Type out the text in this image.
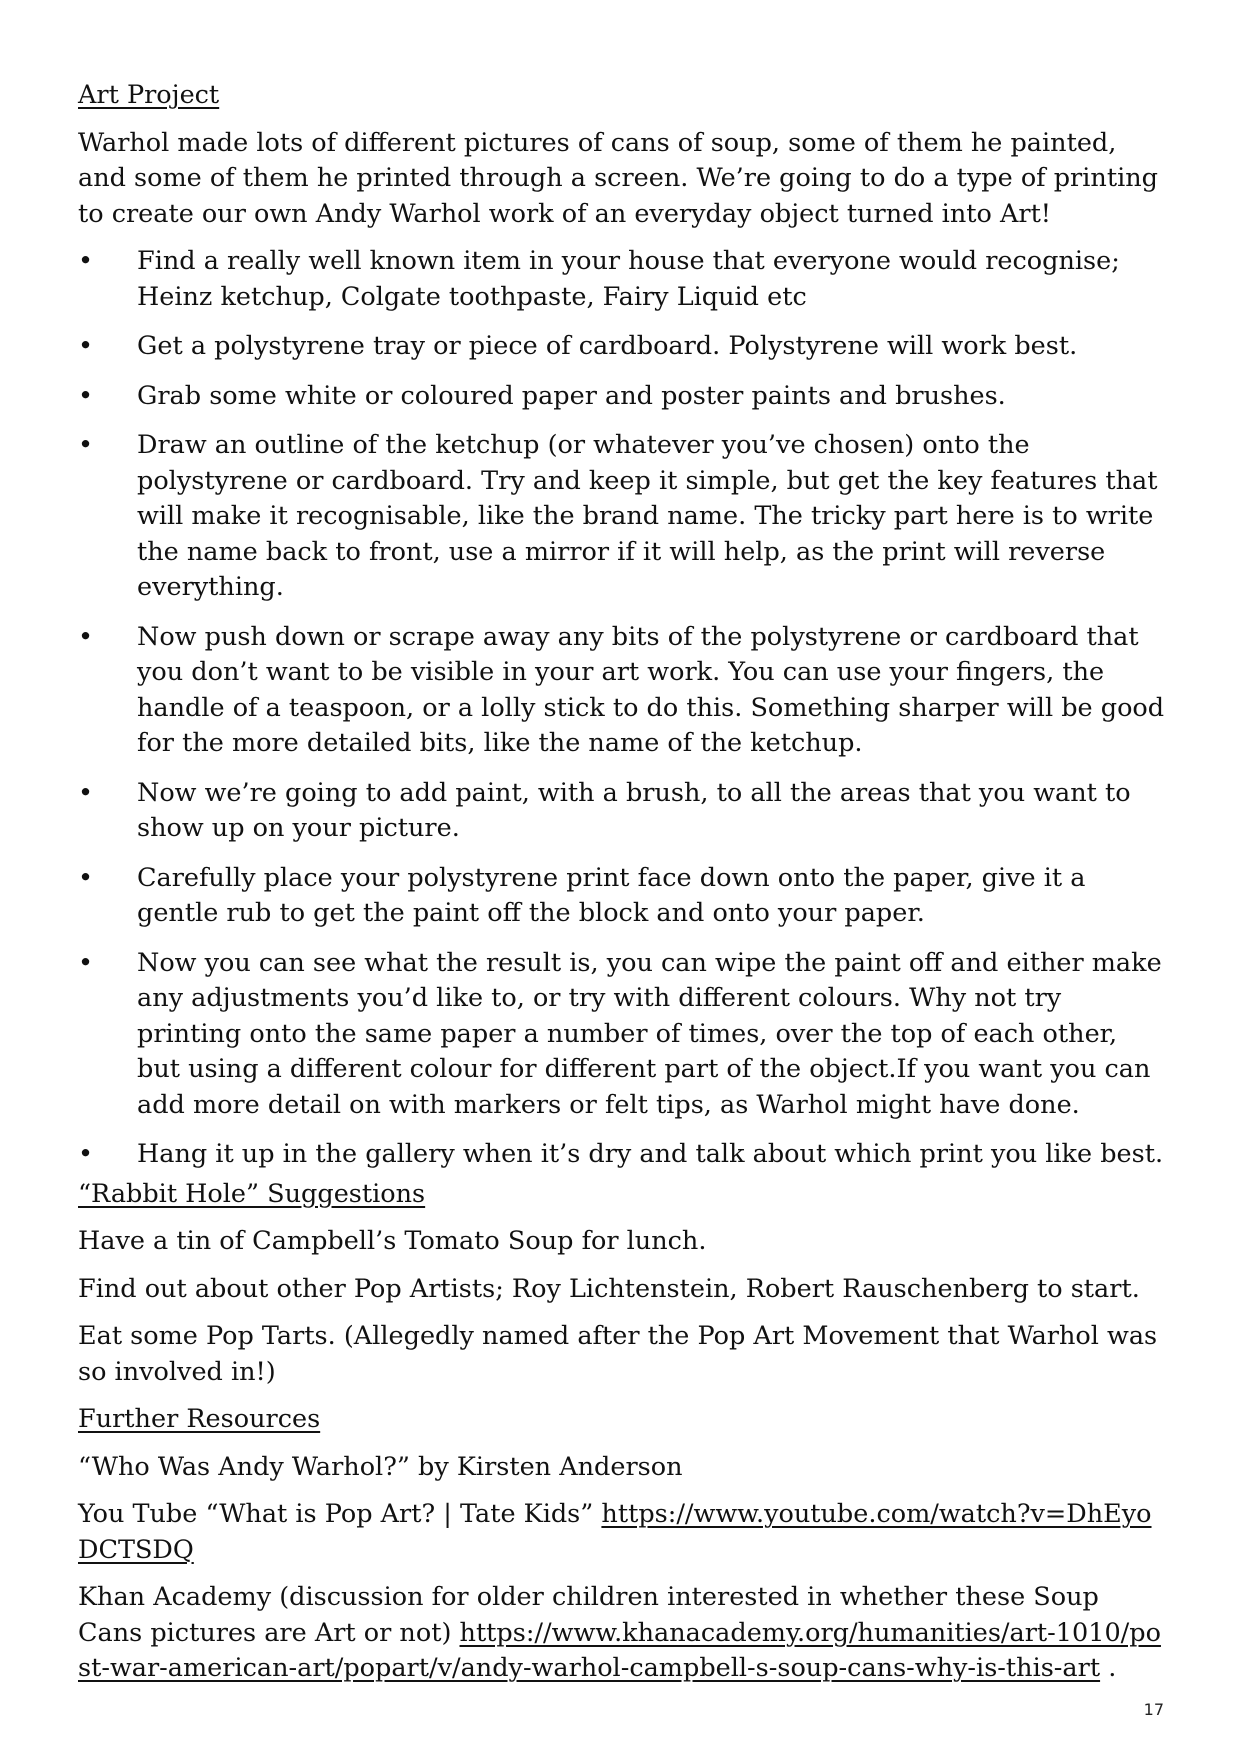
Art Project

Warhol made lots of different pictures of cans of soup, some of them he painted, and some of them he printed through a screen. We’re going to do a type of printing to create our own Andy Warhol work of an everyday object turned into Art!

• Find a really well known item in your house that everyone would recognise; Heinz ketchup, Colgate toothpaste, Fairy Liquid etc
• Get a polystyrene tray or piece of cardboard. Polystyrene will work best.
• Grab some white or coloured paper and poster paints and brushes.
• Draw an outline of the ketchup (or whatever you’ve chosen) onto the polystyrene or cardboard. Try and keep it simple, but get the key features that will make it recognisable, like the brand name. The tricky part here is to write the name back to front, use a mirror if it will help, as the print will reverse everything.
• Now push down or scrape away any bits of the polystyrene or cardboard that you don’t want to be visible in your art work. You can use your fingers, the handle of a teaspoon, or a lolly stick to do this. Something sharper will be good for the more detailed bits, like the name of the ketchup.
• Now we’re going to add paint, with a brush, to all the areas that you want to show up on your picture.
• Carefully place your polystyrene print face down onto the paper, give it a gentle rub to get the paint off the block and onto your paper.
• Now you can see what the result is, you can wipe the paint off and either make any adjustments you’d like to, or try with different colours. Why not try printing onto the same paper a number of times, over the top of each other, but using a different colour for different part of the object.If you want you can add more detail on with markers or felt tips, as Warhol might have done.
• Hang it up in the gallery when it’s dry and talk about which print you like best.
“Rabbit Hole” Suggestions

Have a tin of Campbell’s Tomato Soup for lunch.

Find out about other Pop Artists; Roy Lichtenstein, Robert Rauschenberg to start.

Eat some Pop Tarts. (Allegedly named after the Pop Art Movement that Warhol was so involved in!)

Further Resources

“Who Was Andy Warhol?” by Kirsten Anderson

You Tube “What is Pop Art? | Tate Kids” https://www.youtube.com/watch?v=DhEyoDCTSDQ

Khan Academy (discussion for older children interested in whether these Soup Cans pictures are Art or not) https://www.khanacademy.org/humanities/art-1010/post-war-american-art/popart/v/andy-warhol-campbell-s-soup-cans-why-is-this-art .

17
